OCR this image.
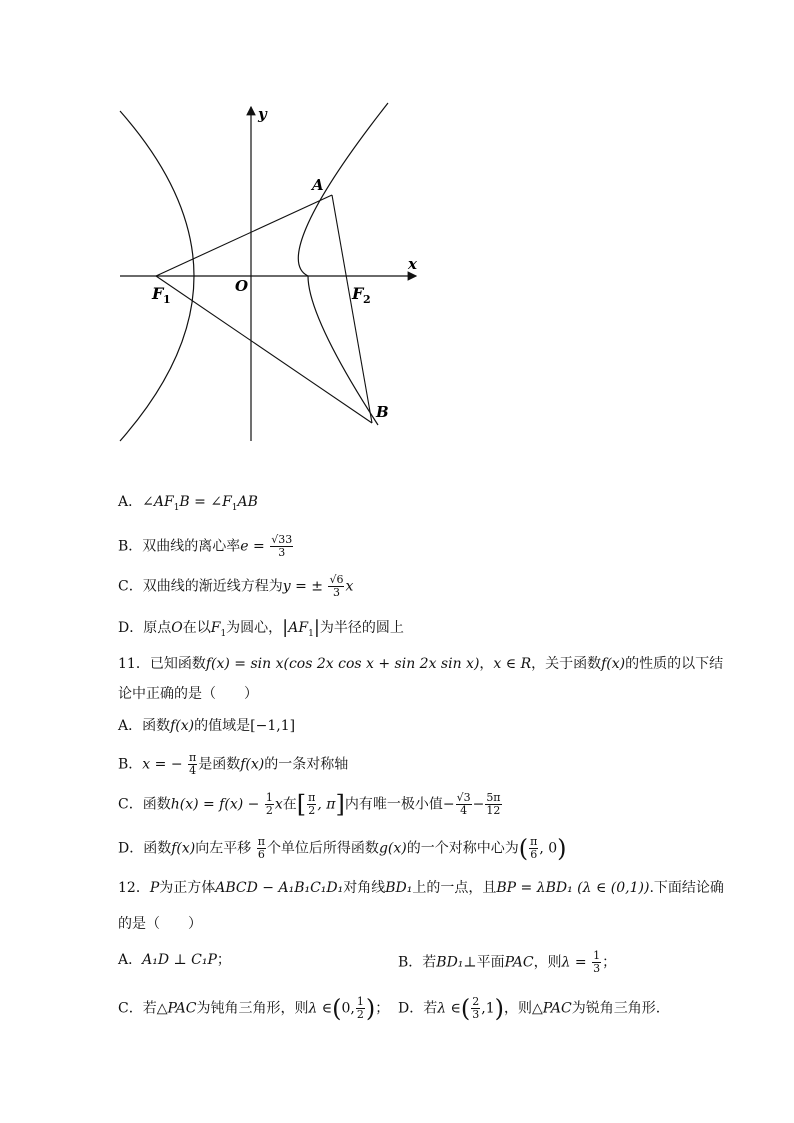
y
x
A
B
O
F 1	F 2
A．$\angle AF_1B$ = $\angle F_1AB$
B．双曲线的离心率$e = \frac{√33}{3}$
C．双曲线的渐近线方程为y = ± $\frac{√6}{3}$ x
D．原点O在以$F_1$为圆心，$|AF_1|$为半径的圆上
11．已知函数f(x) = sin x(cos 2x cos x + sin 2x sin x)，x ∈ R，关于函数f(x)的性质的以下结
论中正确的是（　　）
A．函数f(x)的值域是[−1,1]
B．x = − $\frac{\pi}{4}$ 是函数f(x)的一条对称轴
C．函数$h(x) = f(x) - \frac{1}{2}$ x在[ $\frac{\pi}{2}$ , π]内有唯一极小值− $\frac{√3}{4} - \frac{5\pi}{12}$
D．函数f(x)向左平移 $\frac{\pi}{6}$ 个单位后所得函数g(x)的一个对称中心为( $\frac{\pi}{6}$ , 0)
12．P为正方体ABCD − A₁B₁C₁D₁对角线BD₁上的一点，且BP = λBD₁ (λ ∈ (0,1)).下面结论确
的是（　　）
A．A₁D ⊥ C₁P；	B．若BD₁⊥平面PAC，则$\lambda = \frac{1}{3}$ ；
C．若△PAC为钝角三角形，则λ ∈(0, $\frac{1}{2}$ )； D．若λ ∈( $\frac{2}{3} ,1$)，则△PAC为锐角三角形.
